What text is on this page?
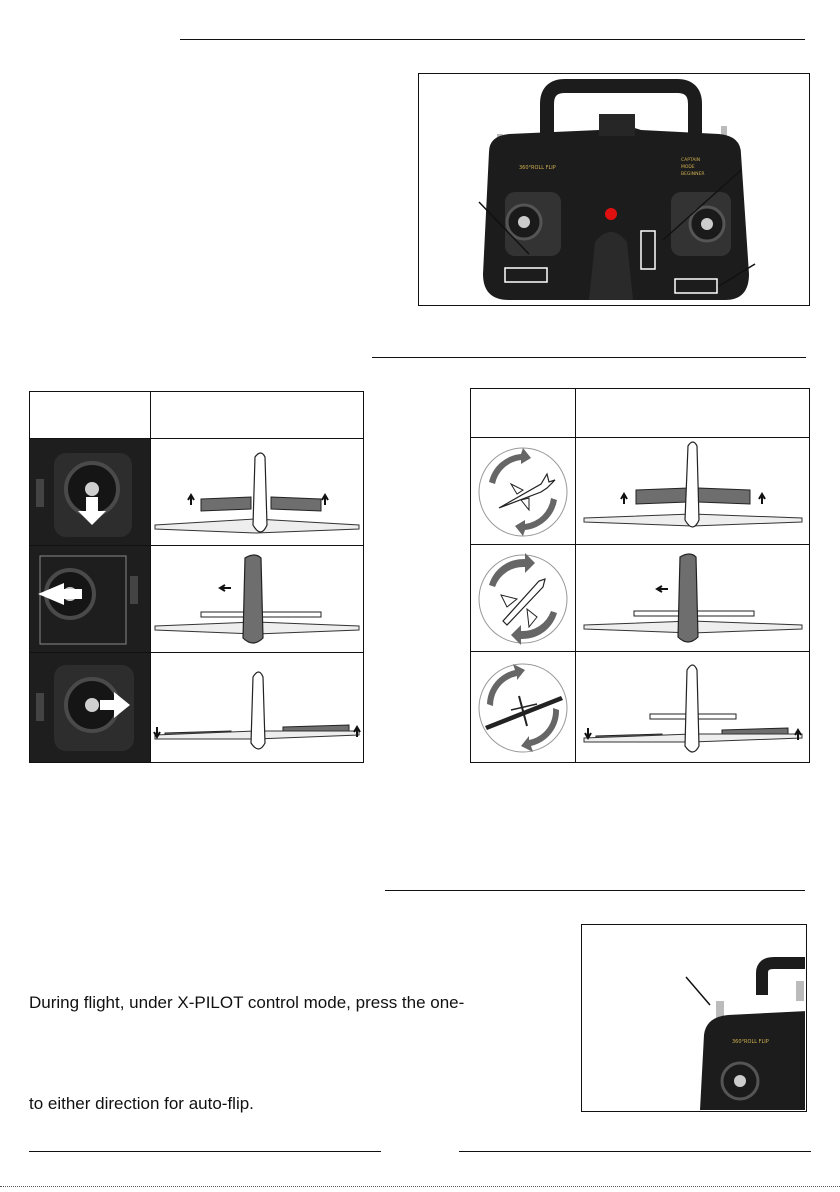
360°ROLL FLIP
CAPTAIN
MODE
BEGINNER
During flight, under X-PILOT control mode, press the one-
to either direction for auto-flip.
360°ROLL FLIP
